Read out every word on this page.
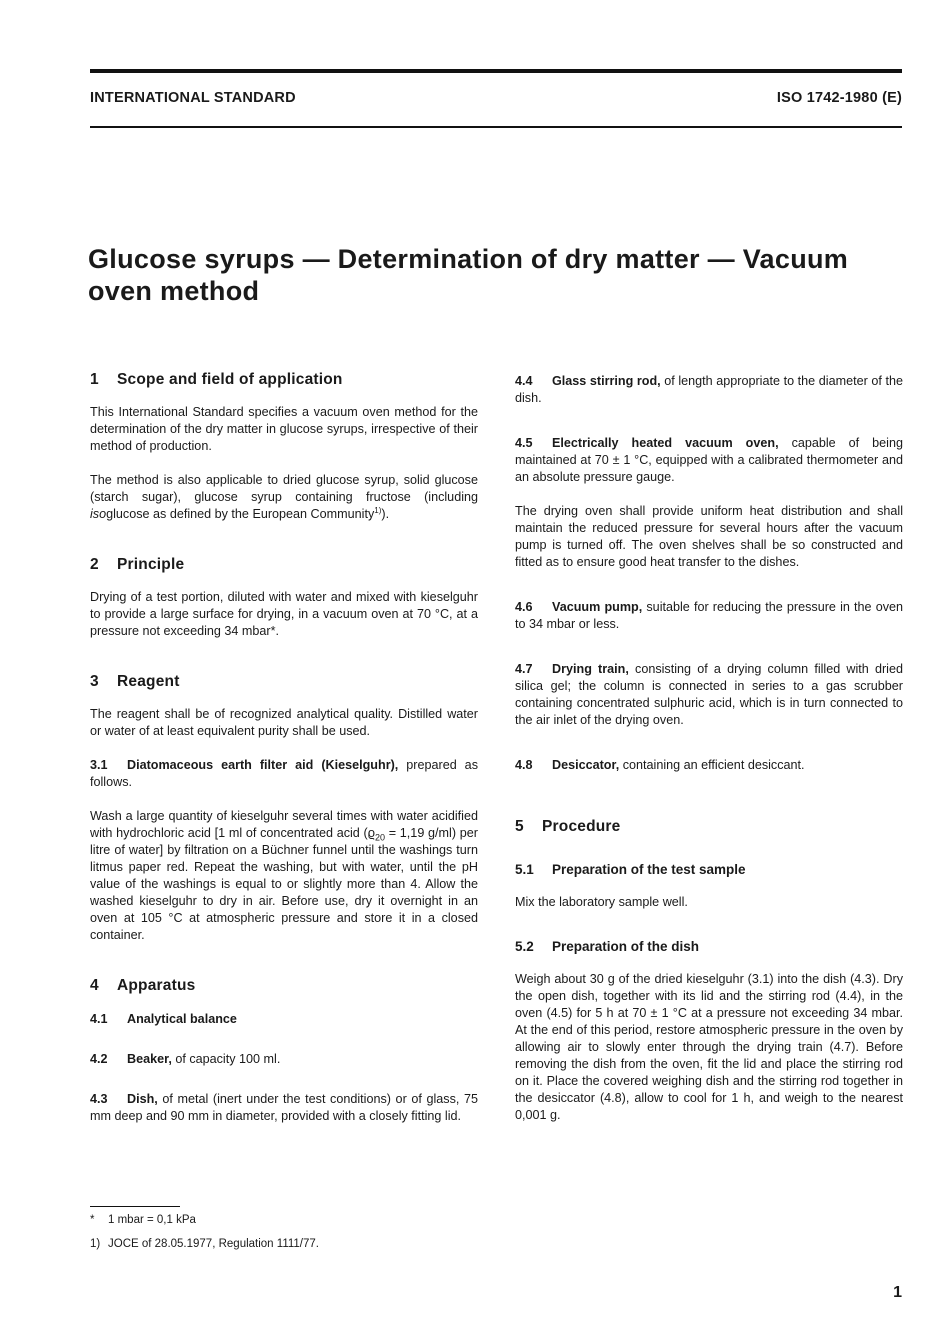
INTERNATIONAL STANDARD	ISO 1742-1980 (E)
Glucose syrups — Determination of dry matter — Vacuum oven method
1 Scope and field of application

This International Standard specifies a vacuum oven method for the determination of the dry matter in glucose syrups, irrespective of their method of production.

The method is also applicable to dried glucose syrup, solid glucose (starch sugar), glucose syrup containing fructose (including isoglucose as defined by the European Community$^{1)}$).

2 Principle

Drying of a test portion, diluted with water and mixed with kieselguhr to provide a large surface for drying, in a vacuum oven at 70 °C, at a pressure not exceeding 34 mbar*.

3 Reagent

The reagent shall be of recognized analytical quality. Distilled water or water of at least equivalent purity shall be used.

3.1 Diatomaceous earth filter aid (Kieselguhr), prepared as follows.

Wash a large quantity of kieselguhr several times with water acidified with hydrochloric acid [1 ml of concentrated acid ($ϱ_{20} = 1,19$ g/ml) per litre of water] by filtration on a Büchner funnel until the washings turn litmus paper red. Repeat the washing, but with water, until the pH value of the washings is equal to or slightly more than 4. Allow the washed kieselguhr to dry in air. Before use, dry it overnight in an oven at 105 °C at atmospheric pressure and store it in a closed container.

4 Apparatus

4.1 Analytical balance

4.2 Beaker, of capacity 100 ml.

4.3 Dish, of metal (inert under the test conditions) or of glass, 75 mm deep and 90 mm in diameter, provided with a closely fitting lid.

4.4 Glass stirring rod, of length appropriate to the diameter of the dish.

4.5 Electrically heated vacuum oven, capable of being maintained at 70 ± 1 °C, equipped with a calibrated thermometer and an absolute pressure gauge.

The drying oven shall provide uniform heat distribution and shall maintain the reduced pressure for several hours after the vacuum pump is turned off. The oven shelves shall be so constructed and fitted as to ensure good heat transfer to the dishes.

4.6 Vacuum pump, suitable for reducing the pressure in the oven to 34 mbar or less.

4.7 Drying train, consisting of a drying column filled with dried silica gel; the column is connected in series to a gas scrubber containing concentrated sulphuric acid, which is in turn connected to the air inlet of the drying oven.

4.8 Desiccator, containing an efficient desiccant.

5 Procedure
5.1 Preparation of the test sample

Mix the laboratory sample well.

5.2 Preparation of the dish

Weigh about 30 g of the dried kieselguhr (3.1) into the dish (4.3). Dry the open dish, together with its lid and the stirring rod (4.4), in the oven (4.5) for 5 h at 70 ± 1 °C at a pressure not exceeding 34 mbar. At the end of this period, restore atmospheric pressure in the oven by allowing air to slowly enter through the drying train (4.7). Before removing the dish from the oven, fit the lid and place the stirring rod on it. Place the covered weighing dish and the stirring rod together in the desiccator (4.8), allow to cool for 1 h, and weigh to the nearest 0,001 g.

* 1 mbar = 0,1 kPa
1) JOCE of 28.05.1977, Regulation 1111/77.
1
